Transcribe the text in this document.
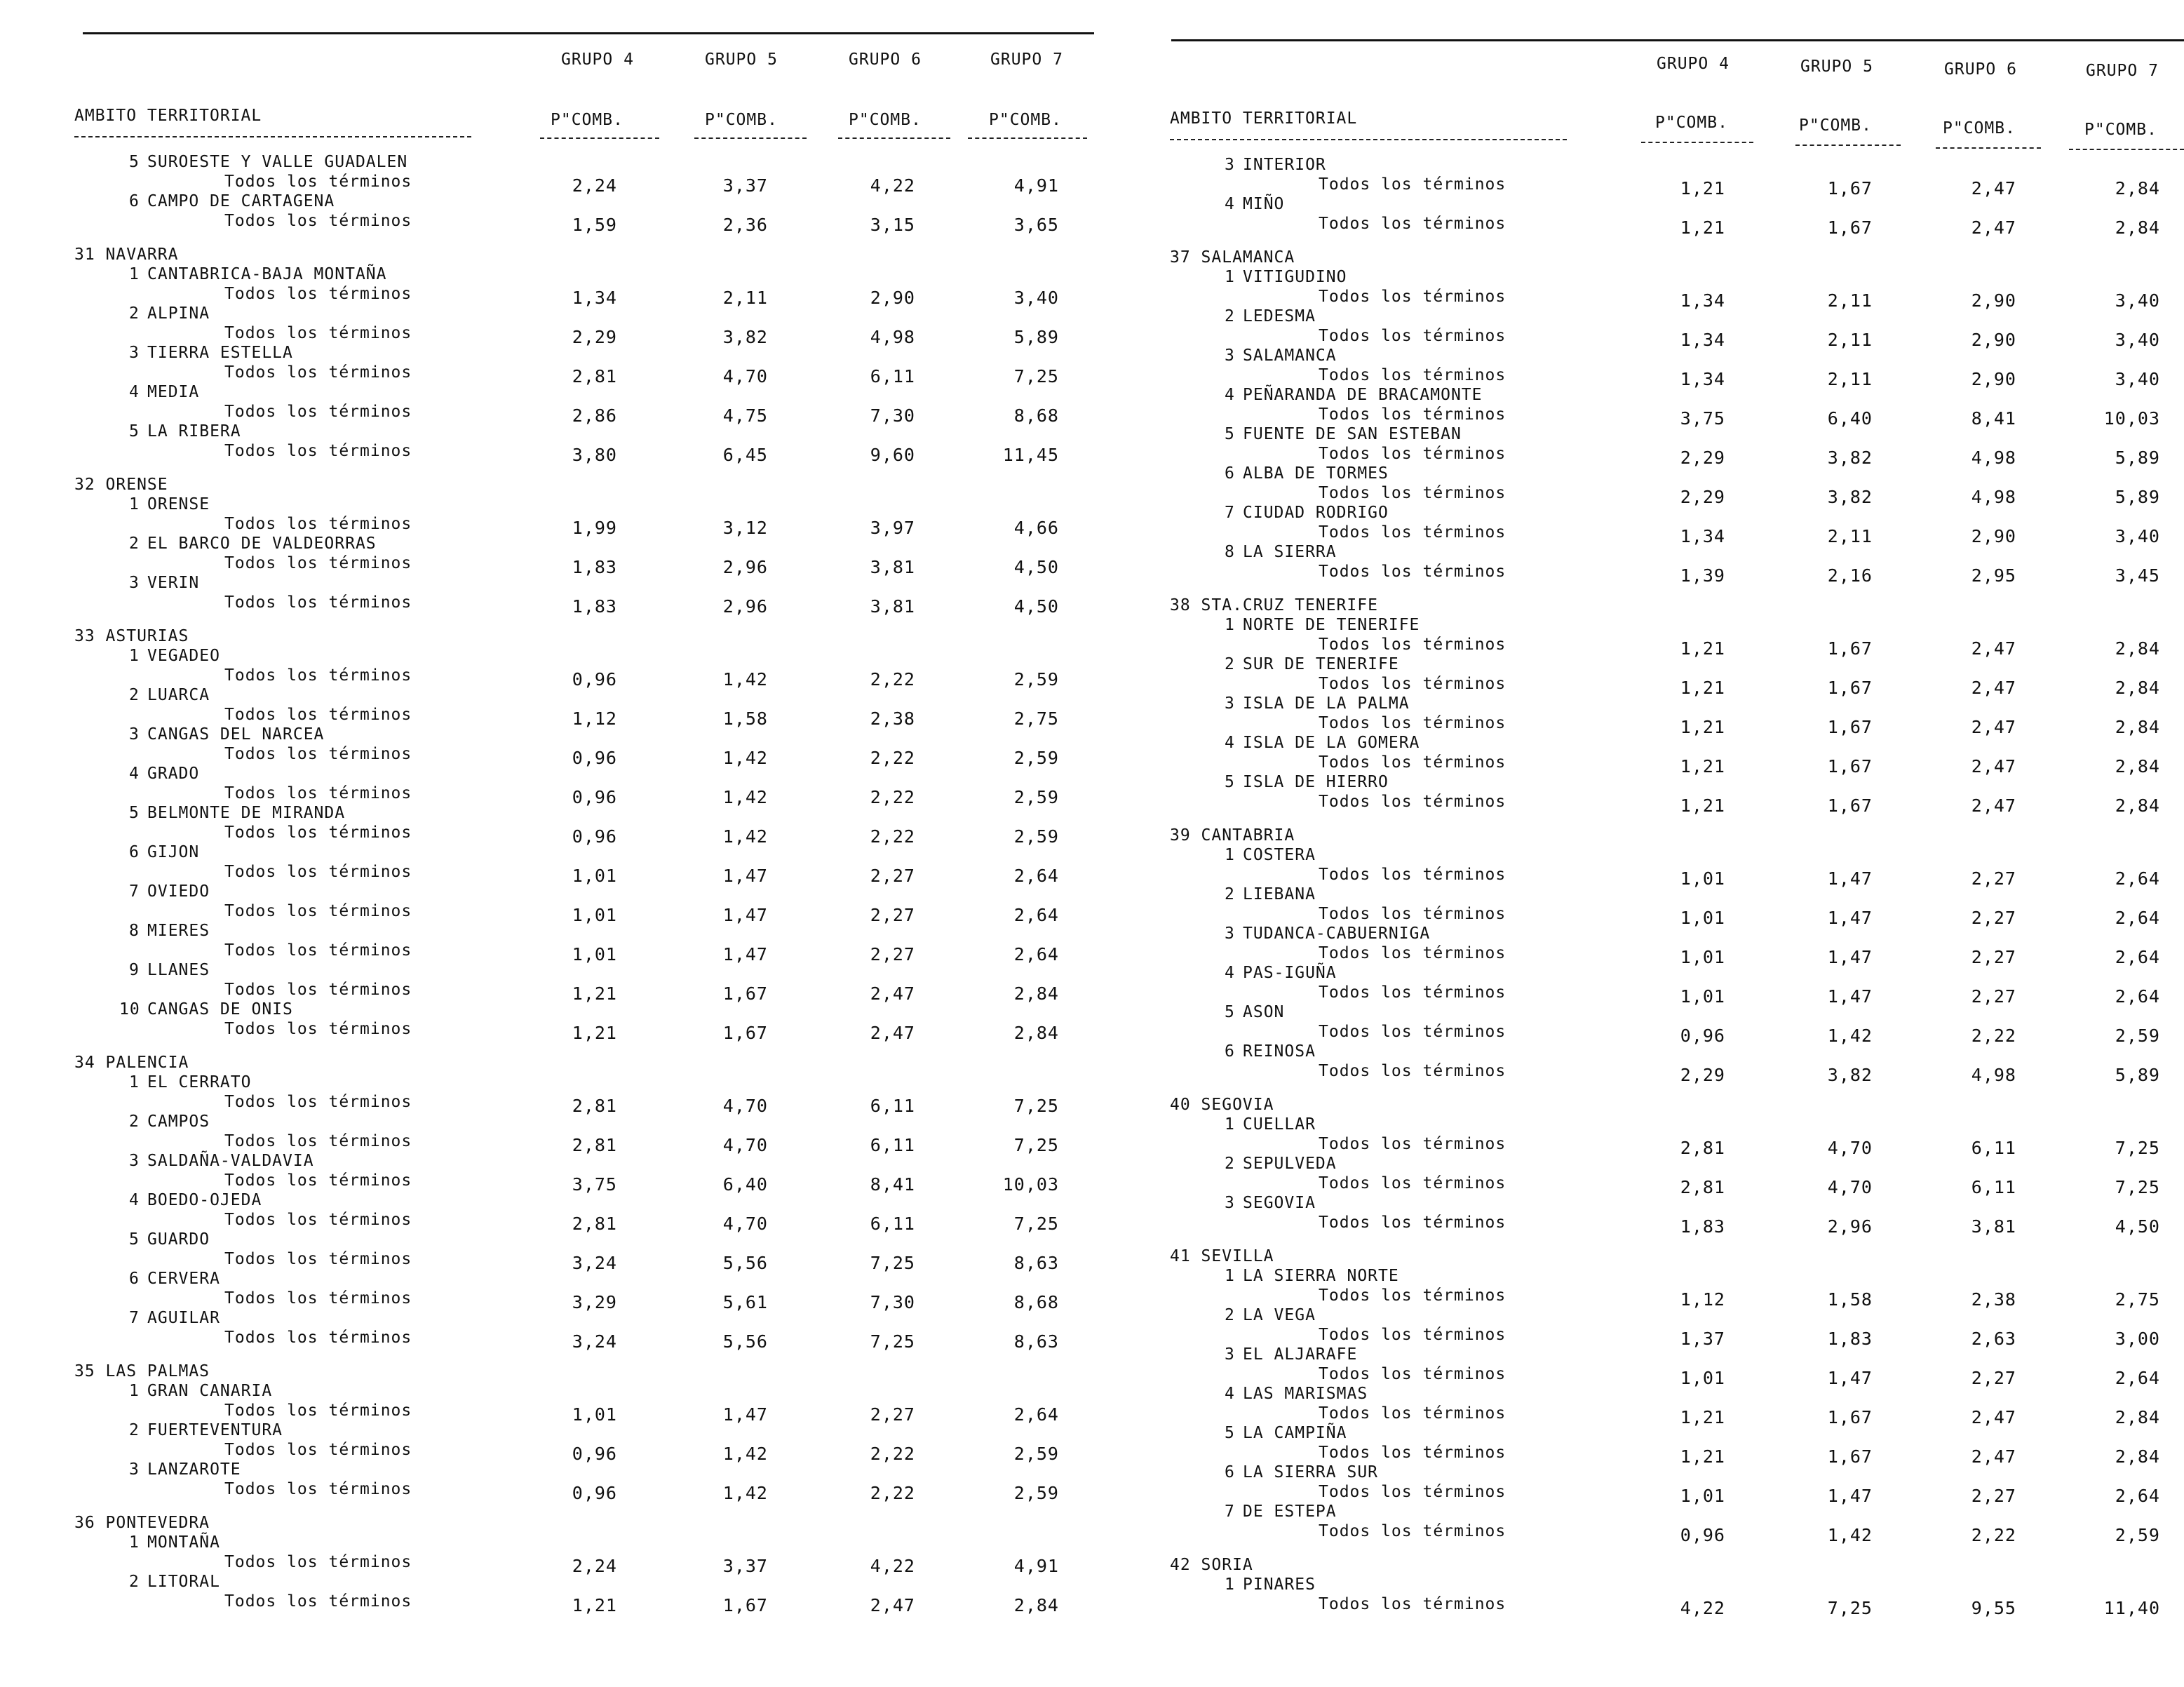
GRUPO 4	GRUPO 5	GRUPO 6	GRUPO 7
AMBITO TERRITORIAL	P"COMB.	P"COMB.	P"COMB.	P"COMB.
5 SUROESTE Y VALLE GUADALEN
Todos los términos	2,24	3,37	4,22	4,91
6 CAMPO DE CARTAGENA
Todos los términos	1,59	2,36	3,15	3,65
31 NAVARRA
1 CANTABRICA-BAJA MONTAÑA
Todos los términos	1,34	2,11	2,90	3,40
2 ALPINA
Todos los términos	2,29	3,82	4,98	5,89
3 TIERRA ESTELLA
Todos los términos	2,81	4,70	6,11	7,25
4 MEDIA
Todos los términos	2,86	4,75	7,30	8,68
5 LA RIBERA
Todos los términos	3,80	6,45	9,60	11,45
32 ORENSE
1 ORENSE
Todos los términos	1,99	3,12	3,97	4,66
2 EL BARCO DE VALDEORRAS
Todos los términos	1,83	2,96	3,81	4,50
3 VERIN
Todos los términos	1,83	2,96	3,81	4,50
33 ASTURIAS
1 VEGADEO
Todos los términos	0,96	1,42	2,22	2,59
2 LUARCA
Todos los términos	1,12	1,58	2,38	2,75
3 CANGAS DEL NARCEA
Todos los términos	0,96	1,42	2,22	2,59
4 GRADO
Todos los términos	0,96	1,42	2,22	2,59
5 BELMONTE DE MIRANDA
Todos los términos	0,96	1,42	2,22	2,59
6 GIJON
Todos los términos	1,01	1,47	2,27	2,64
7 OVIEDO
Todos los términos	1,01	1,47	2,27	2,64
8 MIERES
Todos los términos	1,01	1,47	2,27	2,64
9 LLANES
Todos los términos	1,21	1,67	2,47	2,84
10 CANGAS DE ONIS
Todos los términos	1,21	1,67	2,47	2,84
34 PALENCIA
1 EL CERRATO
Todos los términos	2,81	4,70	6,11	7,25
2 CAMPOS
Todos los términos	2,81	4,70	6,11	7,25
3 SALDAÑA-VALDAVIA
Todos los términos	3,75	6,40	8,41	10,03
4 BOEDO-OJEDA
Todos los términos	2,81	4,70	6,11	7,25
5 GUARDO
Todos los términos	3,24	5,56	7,25	8,63
6 CERVERA
Todos los términos	3,29	5,61	7,30	8,68
7 AGUILAR
Todos los términos	3,24	5,56	7,25	8,63
35 LAS PALMAS
1 GRAN CANARIA
Todos los términos	1,01	1,47	2,27	2,64
2 FUERTEVENTURA
Todos los términos	0,96	1,42	2,22	2,59
3 LANZAROTE
Todos los términos	0,96	1,42	2,22	2,59
36 PONTEVEDRA
1 MONTAÑA
Todos los términos	2,24	3,37	4,22	4,91
2 LITORAL
Todos los términos	1,21	1,67	2,47	2,84
GRUPO 4	GRUPO 5	GRUPO 6	GRUPO 7
AMBITO TERRITORIAL	P"COMB.	P"COMB.	P"COMB.	P"COMB.
3 INTERIOR
Todos los términos	1,21	1,67	2,47	2,84
4 MIÑO
Todos los términos	1,21	1,67	2,47	2,84
37 SALAMANCA
1 VITIGUDINO
Todos los términos	1,34	2,11	2,90	3,40
2 LEDESMA
Todos los términos	1,34	2,11	2,90	3,40
3 SALAMANCA
Todos los términos	1,34	2,11	2,90	3,40
4 PEÑARANDA DE BRACAMONTE
Todos los términos	3,75	6,40	8,41	10,03
5 FUENTE DE SAN ESTEBAN
Todos los términos	2,29	3,82	4,98	5,89
6 ALBA DE TORMES
Todos los términos	2,29	3,82	4,98	5,89
7 CIUDAD RODRIGO
Todos los términos	1,34	2,11	2,90	3,40
8 LA SIERRA
Todos los términos	1,39	2,16	2,95	3,45
38 STA.CRUZ TENERIFE
1 NORTE DE TENERIFE
Todos los términos	1,21	1,67	2,47	2,84
2 SUR DE TENERIFE
Todos los términos	1,21	1,67	2,47	2,84
3 ISLA DE LA PALMA
Todos los términos	1,21	1,67	2,47	2,84
4 ISLA DE LA GOMERA
Todos los términos	1,21	1,67	2,47	2,84
5 ISLA DE HIERRO
Todos los términos	1,21	1,67	2,47	2,84
39 CANTABRIA
1 COSTERA
Todos los términos	1,01	1,47	2,27	2,64
2 LIEBANA
Todos los términos	1,01	1,47	2,27	2,64
3 TUDANCA-CABUERNIGA
Todos los términos	1,01	1,47	2,27	2,64
4 PAS-IGUÑA
Todos los términos	1,01	1,47	2,27	2,64
5 ASON
Todos los términos	0,96	1,42	2,22	2,59
6 REINOSA
Todos los términos	2,29	3,82	4,98	5,89
40 SEGOVIA
1 CUELLAR
Todos los términos	2,81	4,70	6,11	7,25
2 SEPULVEDA
Todos los términos	2,81	4,70	6,11	7,25
3 SEGOVIA
Todos los términos	1,83	2,96	3,81	4,50
41 SEVILLA
1 LA SIERRA NORTE
Todos los términos	1,12	1,58	2,38	2,75
2 LA VEGA
Todos los términos	1,37	1,83	2,63	3,00
3 EL ALJARAFE
Todos los términos	1,01	1,47	2,27	2,64
4 LAS MARISMAS
Todos los términos	1,21	1,67	2,47	2,84
5 LA CAMPIÑA
Todos los términos	1,21	1,67	2,47	2,84
6 LA SIERRA SUR
Todos los términos	1,01	1,47	2,27	2,64
7 DE ESTEPA
Todos los términos	0,96	1,42	2,22	2,59
42 SORIA
1 PINARES
Todos los términos	4,22	7,25	9,55	11,40
